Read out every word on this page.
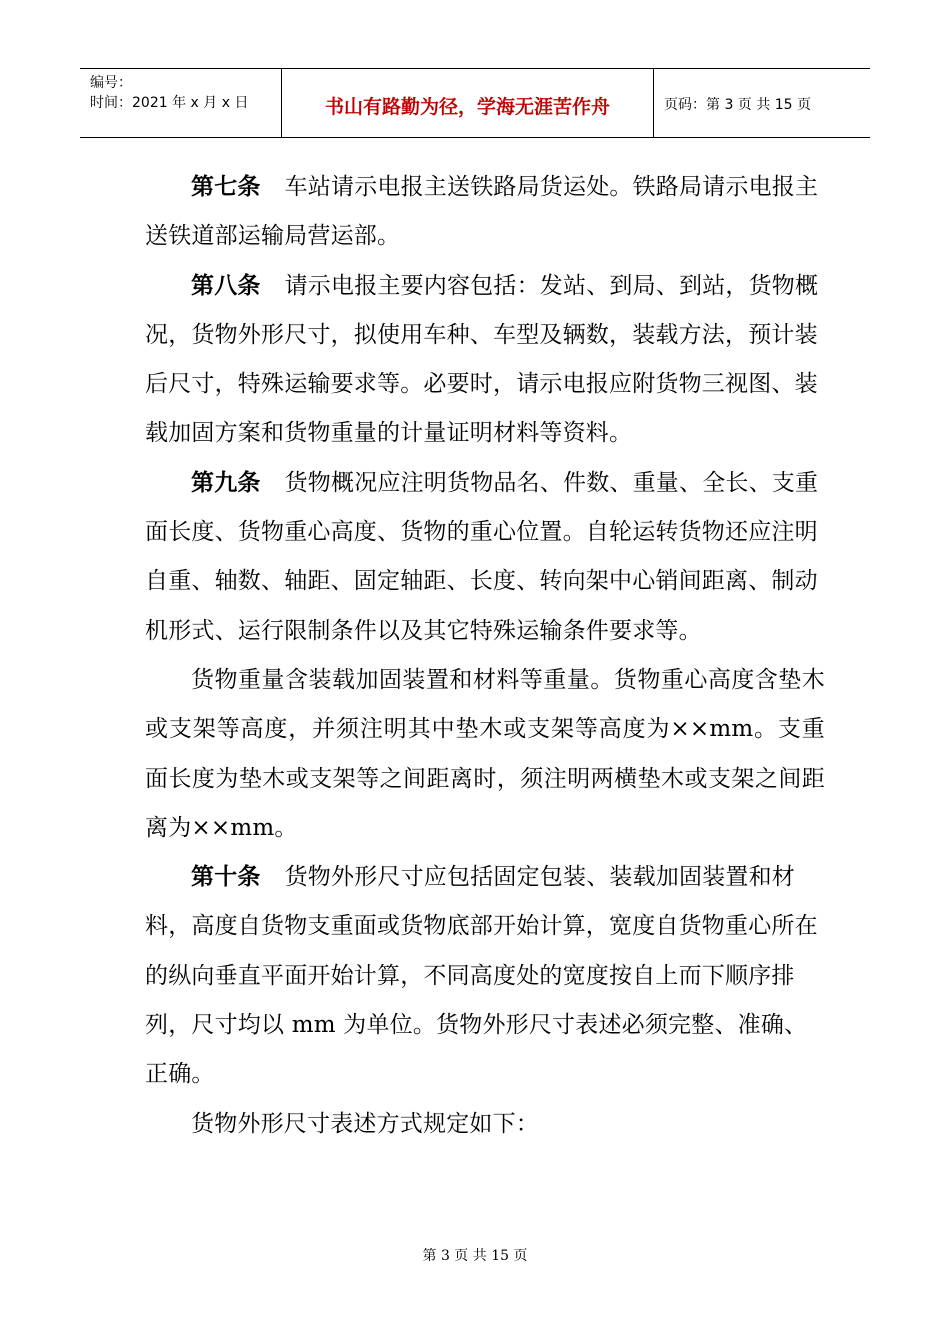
编号：
时间：2021 年 x 月 x 日	书山有路勤为径，学海无涯苦作舟	页码：第 3 页 共 15 页

第七条 车站请示电报主送铁路局货运处。铁路局请示电报主送铁道部运输局营运部。

第八条 请示电报主要内容包括：发站、到局、到站，货物概况，货物外形尺寸，拟使用车种、车型及辆数，装载方法，预计装后尺寸，特殊运输要求等。必要时，请示电报应附货物三视图、装载加固方案和货物重量的计量证明材料等资料。

第九条 货物概况应注明货物品名、件数、重量、全长、支重面长度、货物重心高度、货物的重心位置。自轮运转货物还应注明自重、轴数、轴距、固定轴距、长度、转向架中心销间距离、制动机形式、运行限制条件以及其它特殊运输条件要求等。

货物重量含装载加固装置和材料等重量。货物重心高度含垫木或支架等高度，并须注明其中垫木或支架等高度为××mm。支重面长度为垫木或支架等之间距离时，须注明两横垫木或支架之间距离为××mm。

第十条 货物外形尺寸应包括固定包装、装载加固装置和材料，高度自货物支重面或货物底部开始计算，宽度自货物重心所在的纵向垂直平面开始计算，不同高度处的宽度按自上而下顺序排列，尺寸均以 mm 为单位。货物外形尺寸表述必须完整、准确、正确。

货物外形尺寸表述方式规定如下：

第 3 页 共 15 页
